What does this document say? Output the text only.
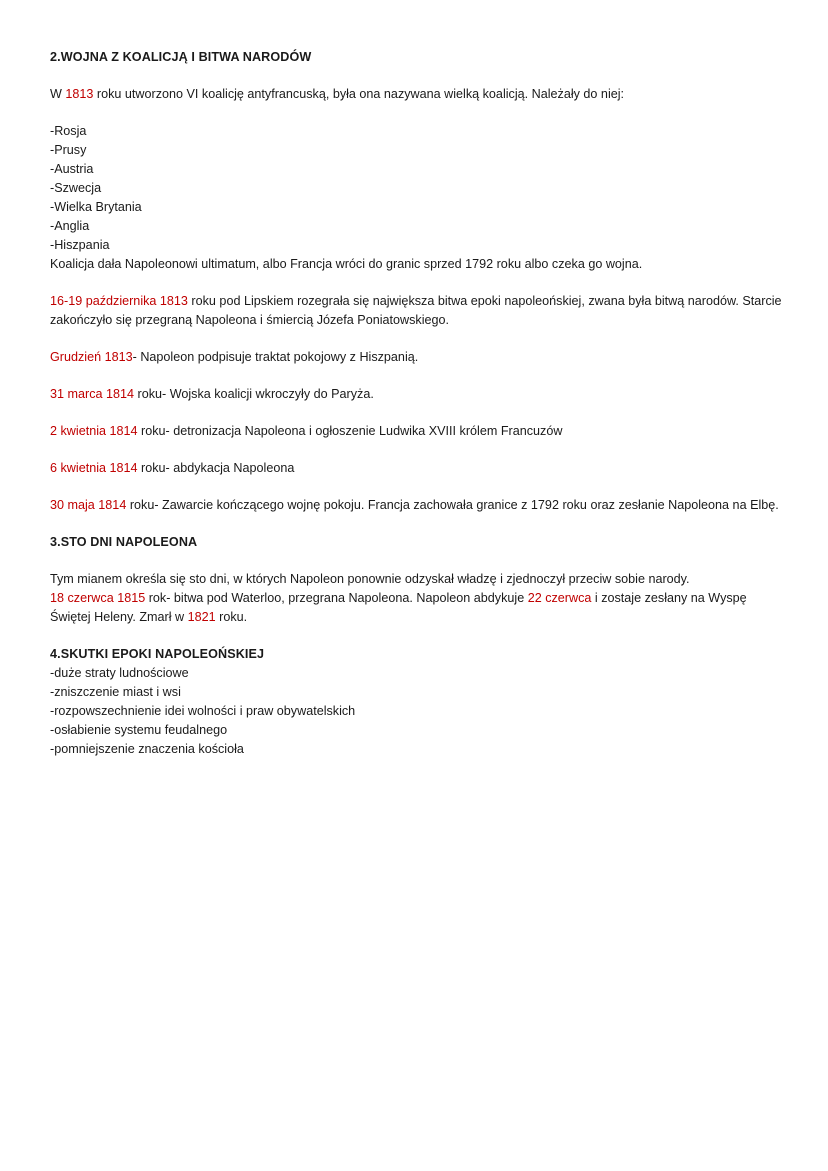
2.WOJNA Z KOALICJĄ I BITWA NARODÓW

W 1813 roku utworzono VI koalicję antyfrancuską, była ona nazywana wielką koalicją. Należały do niej:

-Rosja
-Prusy
-Austria
-Szwecja
-Wielka Brytania
-Anglia
-Hiszpania

Koalicja dała Napoleonowi ultimatum, albo Francja wróci do granic sprzed 1792 roku albo czeka go wojna.

16-19 października 1813 roku pod Lipskiem rozegrała się największa bitwa epoki napoleońskiej, zwana była bitwą narodów. Starcie zakończyło się przegraną Napoleona i śmiercią Józefa Poniatowskiego.

Grudzień 1813- Napoleon podpisuje traktat pokojowy z Hiszpanią.

31 marca 1814 roku- Wojska koalicji wkroczyły do Paryża.

2 kwietnia 1814 roku- detronizacja Napoleona i ogłoszenie Ludwika XVIII królem Francuzów

6 kwietnia 1814 roku- abdykacja Napoleona

30 maja 1814 roku- Zawarcie kończącego wojnę pokoju. Francja zachowała granice z 1792 roku oraz zesłanie Napoleona na Elbę.

3.STO DNI NAPOLEONA

Tym mianem określa się sto dni, w których Napoleon ponownie odzyskał władzę i zjednoczył przeciw sobie narody.
18 czerwca 1815 rok- bitwa pod Waterloo, przegrana Napoleona. Napoleon abdykuje 22 czerwca i zostaje zesłany na Wyspę Świętej Heleny. Zmarł w 1821 roku.

4.SKUTKI EPOKI NAPOLEOŃSKIEJ

-duże straty ludnościowe
-zniszczenie miast i wsi
-rozpowszechnienie idei wolności i praw obywatelskich
-osłabienie systemu feudalnego
-pomniejszenie znaczenia kościoła
